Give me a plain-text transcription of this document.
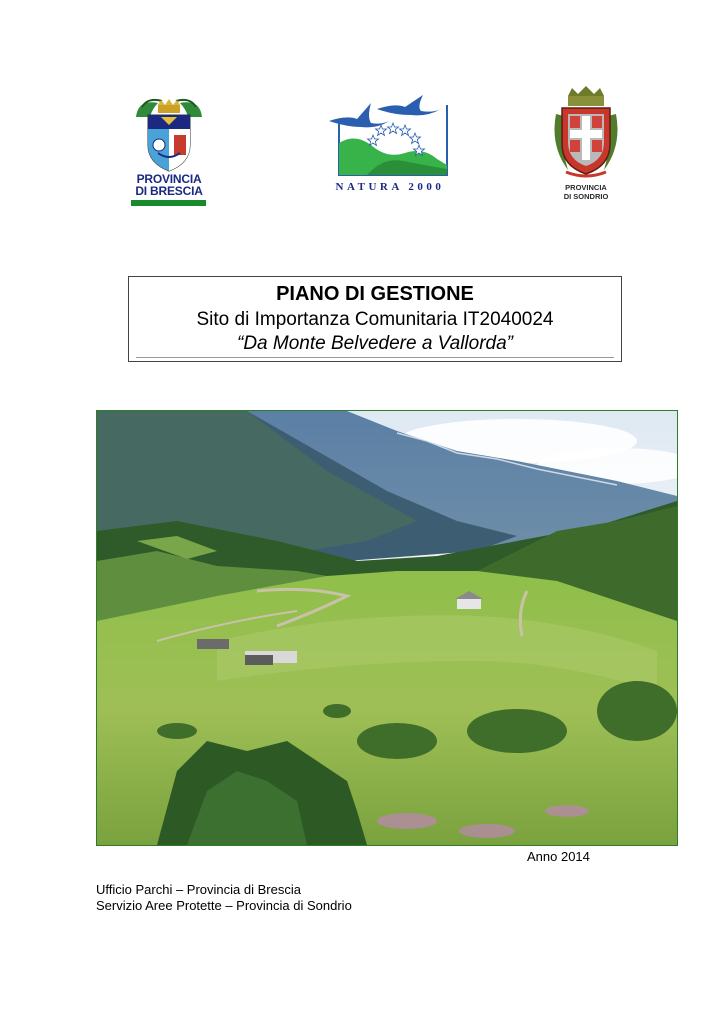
PROVINCIA
DI BRESCIA	NATURA 2000	PROVINCIA
DI SONDRIO
PIANO DI GESTIONE
Sito di Importanza Comunitaria IT2040024
“Da Monte Belvedere a Vallorda”
Anno 2014
Ufficio Parchi – Provincia di Brescia
Servizio Aree Protette – Provincia di Sondrio
